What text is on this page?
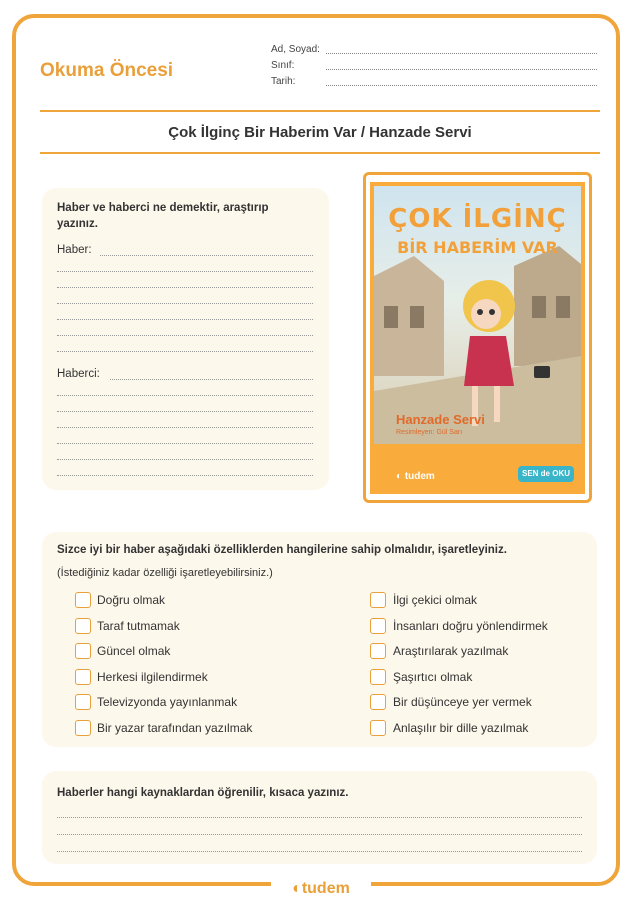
Okuma Öncesi
Ad, Soyad:
Sınıf:
Tarih:
Çok İlginç Bir Haberim Var / Hanzade Servi
Haber ve haberci ne demektir, araştırıp yazınız.
Haber:
Haberci:
ÇOK İLGİNÇ
BİR HABERİM VAR
Hanzade Servi
Resimleyen: Gül Sarı
◐ tudem	SEN de OKU
Sizce iyi bir haber aşağıdaki özelliklerden hangilerine sahip olmalıdır, işaretleyiniz.
(İstediğiniz kadar özelliği işaretleyebilirsiniz.)
Haberler hangi kaynaklardan öğrenilir, kısaca yazınız.
◐tudem
Doğru olmak
Taraf tutmamak
Güncel olmak
Herkesi ilgilendirmek
Televizyonda yayınlanmak
Bir yazar tarafından yazılmak
İlgi çekici olmak
İnsanları doğru yönlendirmek
Araştırılarak yazılmak
Şaşırtıcı olmak
Bir düşünceye yer vermek
Anlaşılır bir dille yazılmak
